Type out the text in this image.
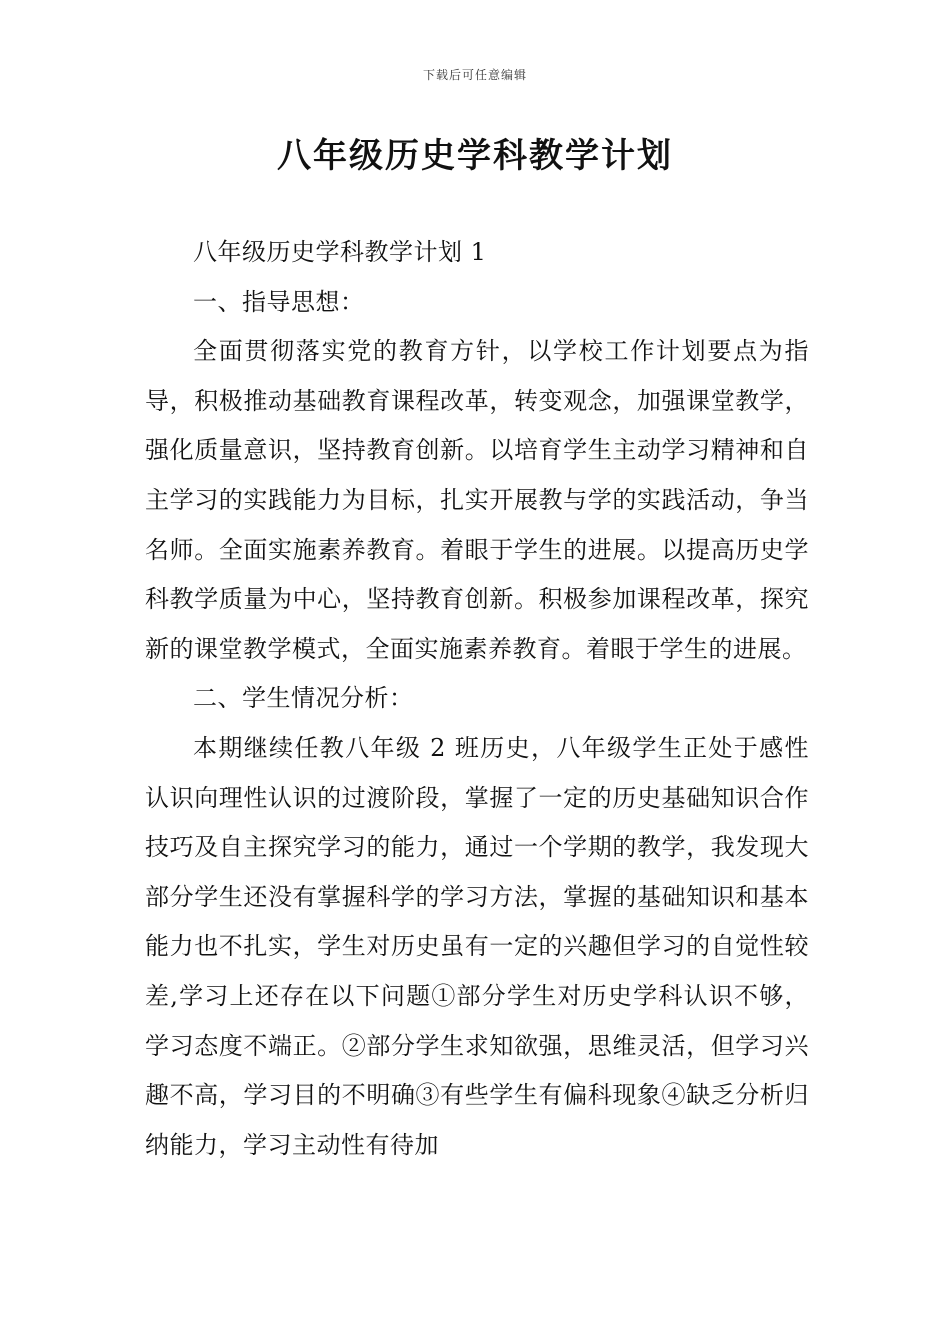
下载后可任意编辑
八年级历史学科教学计划

八年级历史学科教学计划 1

一、指导思想：

全面贯彻落实党的教育方针，以学校工作计划要点为指导，积极推动基础教育课程改革，转变观念，加强课堂教学，强化质量意识，坚持教育创新。以培育学生主动学习精神和自主学习的实践能力为目标，扎实开展教与学的实践活动，争当名师。全面实施素养教育。着眼于学生的进展。以提高历史学科教学质量为中心，坚持教育创新。积极参加课程改革，探究新的课堂教学模式，全面实施素养教育。着眼于学生的进展。

二、学生情况分析：

本期继续任教八年级 2 班历史，八年级学生正处于感性认识向理性认识的过渡阶段，掌握了一定的历史基础知识合作技巧及自主探究学习的能力，通过一个学期的教学，我发现大部分学生还没有掌握科学的学习方法，掌握的基础知识和基本能力也不扎实，学生对历史虽有一定的兴趣但学习的自觉性较差,学习上还存在以下问题①部分学生对历史学科认识不够，学习态度不端正。②部分学生求知欲强，思维灵活，但学习兴趣不高，学习目的不明确③有些学生有偏科现象④缺乏分析归纳能力，学习主动性有待加
